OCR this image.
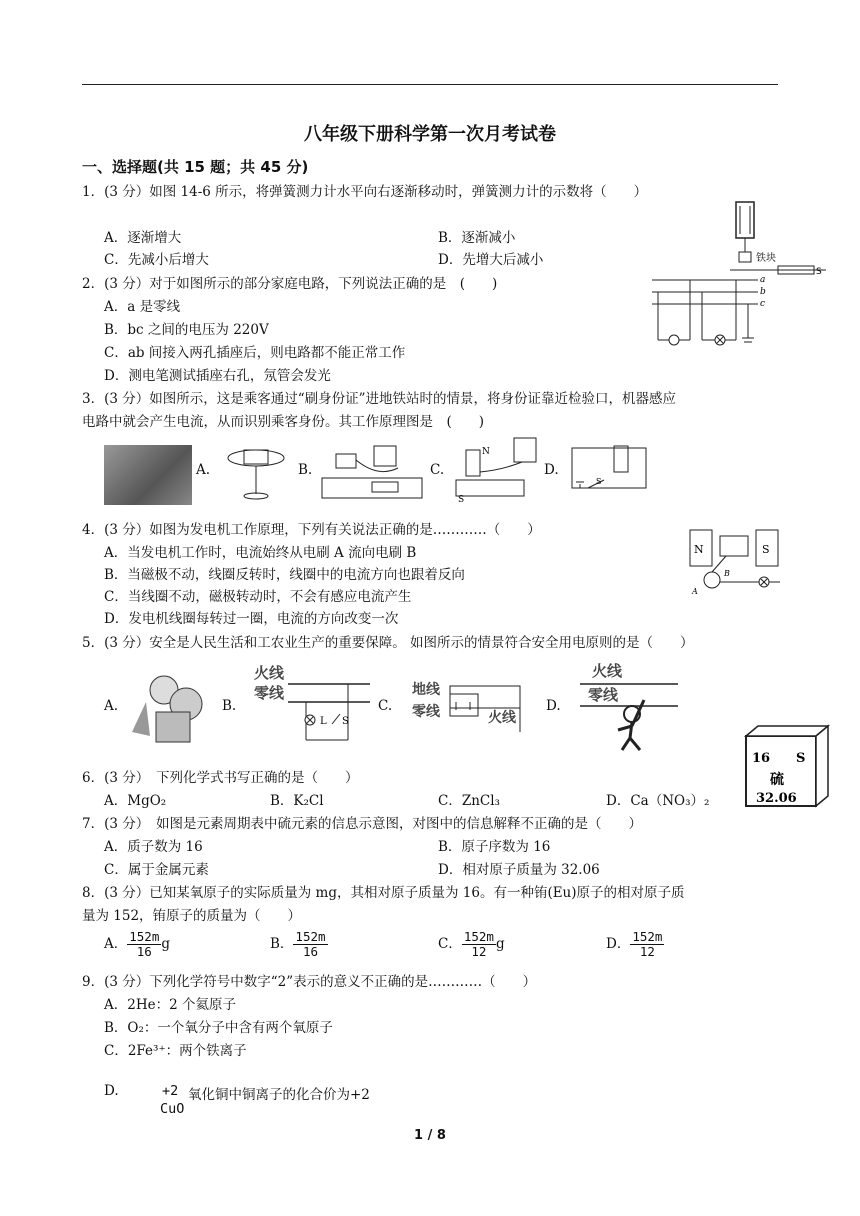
八年级下册科学第一次月考试卷
一、选择题(共 15 题；共 45 分)
1．(3 分）如图 14-6 所示，将弹簧测力计水平向右逐渐移动时，弹簧测力计的示数将（　　）
A．逐渐增大	B．逐渐减小
C．先减小后增大	D．先增大后减小	铁块
S
2．(3 分）对于如图所示的部分家庭电路，下列说法正确的是　(　　)
A．a 是零线
B．bc 之间的电压为 220V
C．ab 间接入两孔插座后，则电路都不能正常工作
D．测电笔测试插座右孔，氖管会发光
a
b
c
3．(3 分）如图所示，这是乘客通过“刷身份证”进地铁站时的情景，将身份证靠近检验口，机器感应
电路中就会产生电流，从而识别乘客身份。其工作原理图是　(　　)
A.	B.	C.
N
S
D.
S
4．(3 分）如图为发电机工作原理，下列有关说法正确的是…………（　　）
A．当发电机工作时，电流始终从电刷 A 流向电刷 B
B．当磁极不动，线圈反转时，线圈中的电流方向也跟着反向
C．当线圈不动，磁极转动时，不会有感应电流产生
D．发电机线圈每转过一圈，电流的方向改变一次
N	S
B
A
5．(3 分）安全是人民生活和工农业生产的重要保障。 如图所示的情景符合安全用电原则的是（　　）
A.	B.
火线
零线
L S
C.
地线
零线	火线
D.
火线
零线
16 S
硫
32.06
6．(3 分）　下列化学式书写正确的是（　　）
A．MgO₂	B．K₂Cl	C．ZnCl₃	D．Ca（NO₃）₂
7．(3 分）　如图是元素周期表中硫元素的信息示意图，对图中的信息解释不正确的是（　　）
A．质子数为 16	B．原子序数为 16
C．属于金属元素	D．相对原子质量为 32.06
8．(3 分）已知某氧原子的实际质量为 mg，其相对原子质量为 16。有一种铕(Eu)原子的相对原子质
量为 152，铕原子的质量为（　　）
A． $\frac{152m}{16}$ g	B． $\frac{152m}{16}$	C． $\frac{152m}{12}$ g	D． $\frac{152m}{12}$
9．(3 分）下列化学符号中数字“2”表示的意义不正确的是…………（　　）
A．2He：2 个氦原子
B．O₂：一个氧分子中含有两个氧原子
C．2Fe³⁺：两个铁离子
D.	+2 氧化铜中铜离子的化合价为+2
CuO
1 / 8
